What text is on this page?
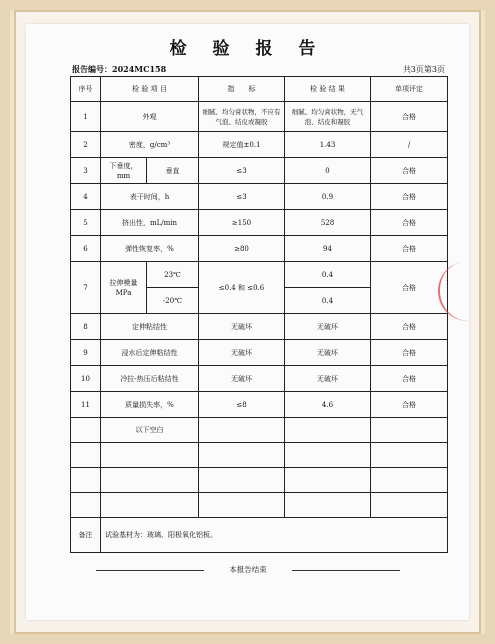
检 验 报 告
报告编号：2024MC158	共3页第3页
序号	检 验 项 目		指　　标	检 验 结 果	单项评定
1	外观		细腻、均匀膏状物，不应有气泡、结皮或凝胶	细腻、均匀膏状物，无气泡、结皮和凝胶	合格
2	密度，g/cm³		规定值±0.1	1.43	/
3	下垂度，mm	垂直	≤3	0	合格
4	表干时间，h		≤3	0.9	合格
5	挤出性，mL/min		≥150	528	合格
6	弹性恢复率，%		≥80	94	合格
7	拉伸模量 MPa	23℃	≤0.4 和 ≤0.6	0.4	合格
		-20℃		0.4	
8	定伸粘结性		无破坏	无破坏	合格
9	浸水后定伸粘结性		无破坏	无破坏	合格
10	冷拉-热压后粘结性		无破坏	无破坏	合格
11	质量损失率，%		≤8	4.6	合格
	以下空白				

备注	试验基材为：玻璃、阳极氧化铝板。				
本报告结束
· · ·
